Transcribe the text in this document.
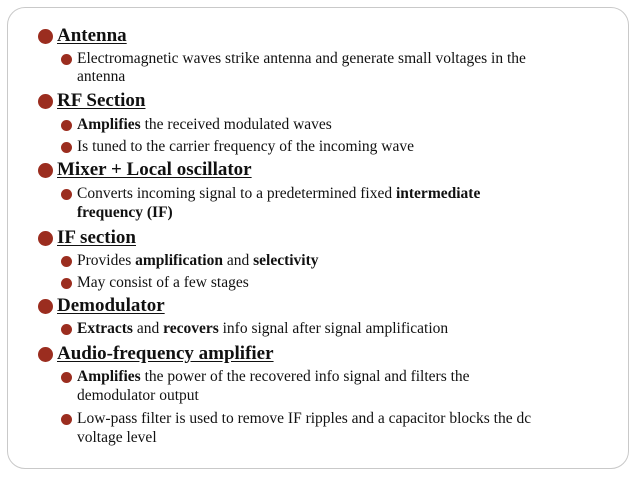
Antenna
Electromagnetic waves strike antenna and generate small voltages in the
antenna
RF Section
Amplifies the received modulated waves
Is tuned to the carrier frequency of the incoming wave
Mixer + Local oscillator
Converts incoming signal to a predetermined fixed intermediate
frequency (IF)
IF section
Provides amplification and selectivity
May consist of a few stages
Demodulator
Extracts and recovers info signal after signal amplification
Audio-frequency amplifier
Amplifies the power of the recovered info signal and filters the
demodulator output
Low-pass filter is used to remove IF ripples and a capacitor blocks the dc
voltage level
